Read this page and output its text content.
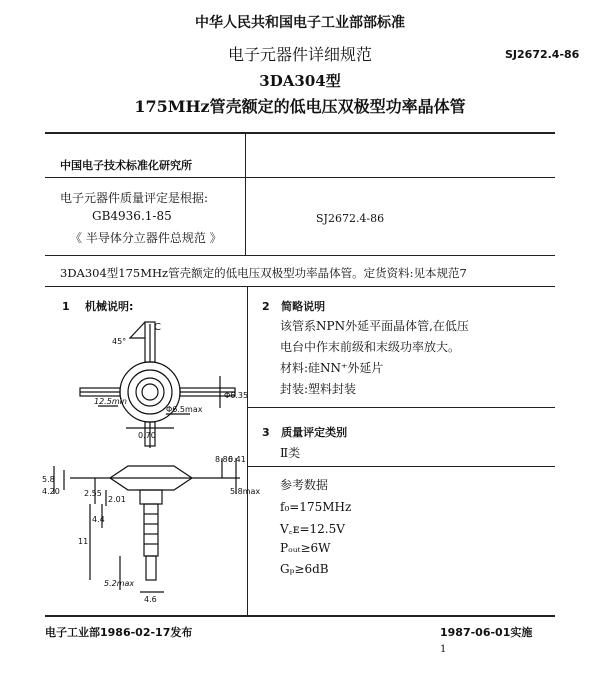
中华人民共和国电子工业部部标准
电子元器件详细规范	SJ2672.4-86
3DA304型
175MHz管壳额定的低电压双极型功率晶体管
中国电子技术标准化研究所
电子元器件质量评定是根据:
GB4936.1-85
《 半导体分立器件总规范 》
SJ2672.4-86
3DA304型175MHz管壳额定的低电压双极型功率晶体管。定货资料:见本规范7
1 机械说明:	2 简略说明
该管系NPN外延平面晶体管,在低压
电台中作末前级和末级功率放大。
材料:硅NN⁺外延片
封装:塑料封装
3 质量评定类别
Ⅱ类
参考数据
f₀=175MHz
V꜀ᴇ=12.5V
Pₒᵤₜ≥6W
Gₚ≥6dB
45°
C
12.5min
Φ6.5max
0.70
Φ6.35
8.86
0.41
5.8max
5.8
4.20	2.55
2.01
4.4
11
5.2max
4.6
电子工业部1986-02-17发布	1987-06-01实施
1
